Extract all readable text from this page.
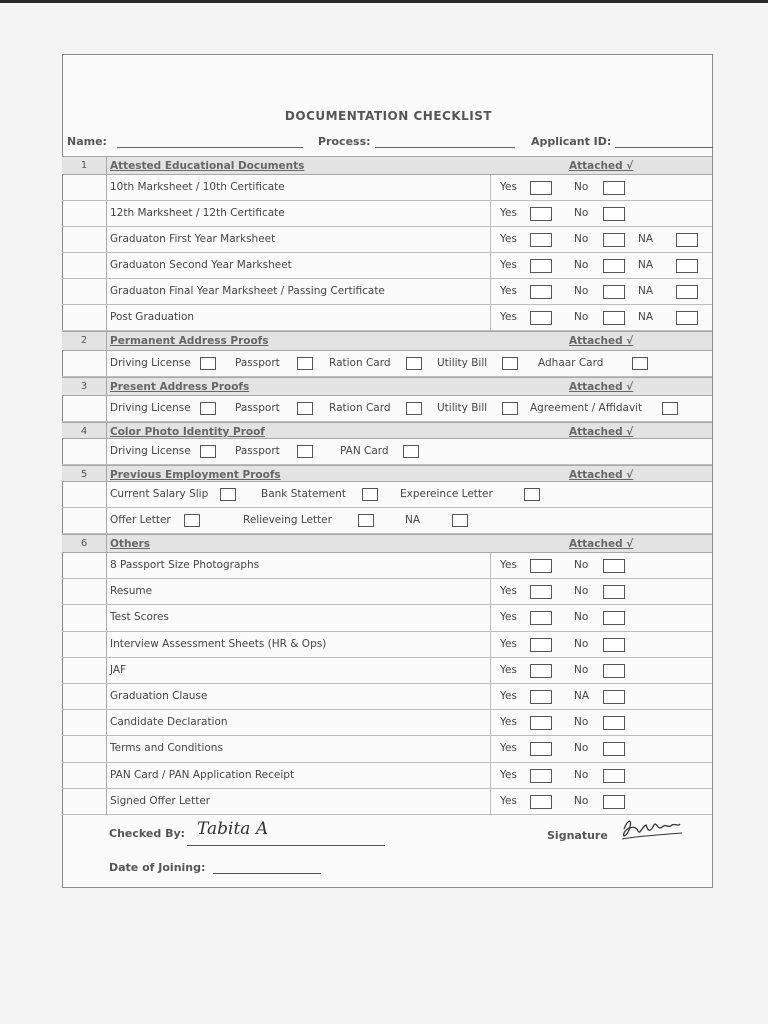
DOCUMENTATION CHECKLIST
Name:	Process:	Applicant ID:
1	Attested Educational Documents	Attached √
10th Marksheet / 10th Certificate	Yes	No
12th Marksheet / 12th Certificate	Yes	No
Graduaton First Year Marksheet	Yes	No	NA
Graduaton Second Year Marksheet	Yes	No	NA
Graduaton Final Year Marksheet / Passing Certificate	Yes	No	NA
Post Graduation	Yes	No	NA
2	Permanent Address Proofs	Attached √
Driving License	Passport	Ration Card	Utility Bill	Adhaar Card
3	Present Address Proofs	Attached √
Driving License	Passport	Ration Card	Utility Bill	Agreement / Affidavit
4	Color Photo Identity Proof	Attached √
Driving License	Passport	PAN Card
5	Previous Employment Proofs	Attached √
Current Salary Slip	Bank Statement	Expereince Letter
Offer Letter	Relieveing Letter	NA
6	Others	Attached √
8 Passport Size Photographs	Yes	No
Resume	Yes	No
Test Scores	Yes	No
Interview Assessment Sheets (HR & Ops)	Yes	No
JAF	Yes	No
Graduation Clause	Yes	NA
Candidate Declaration	Yes	No
Terms and Conditions	Yes	No
PAN Card / PAN Application Receipt	Yes	No
Signed Offer Letter	Yes	No
Checked By: Tabita A	Signature
Date of Joining:
